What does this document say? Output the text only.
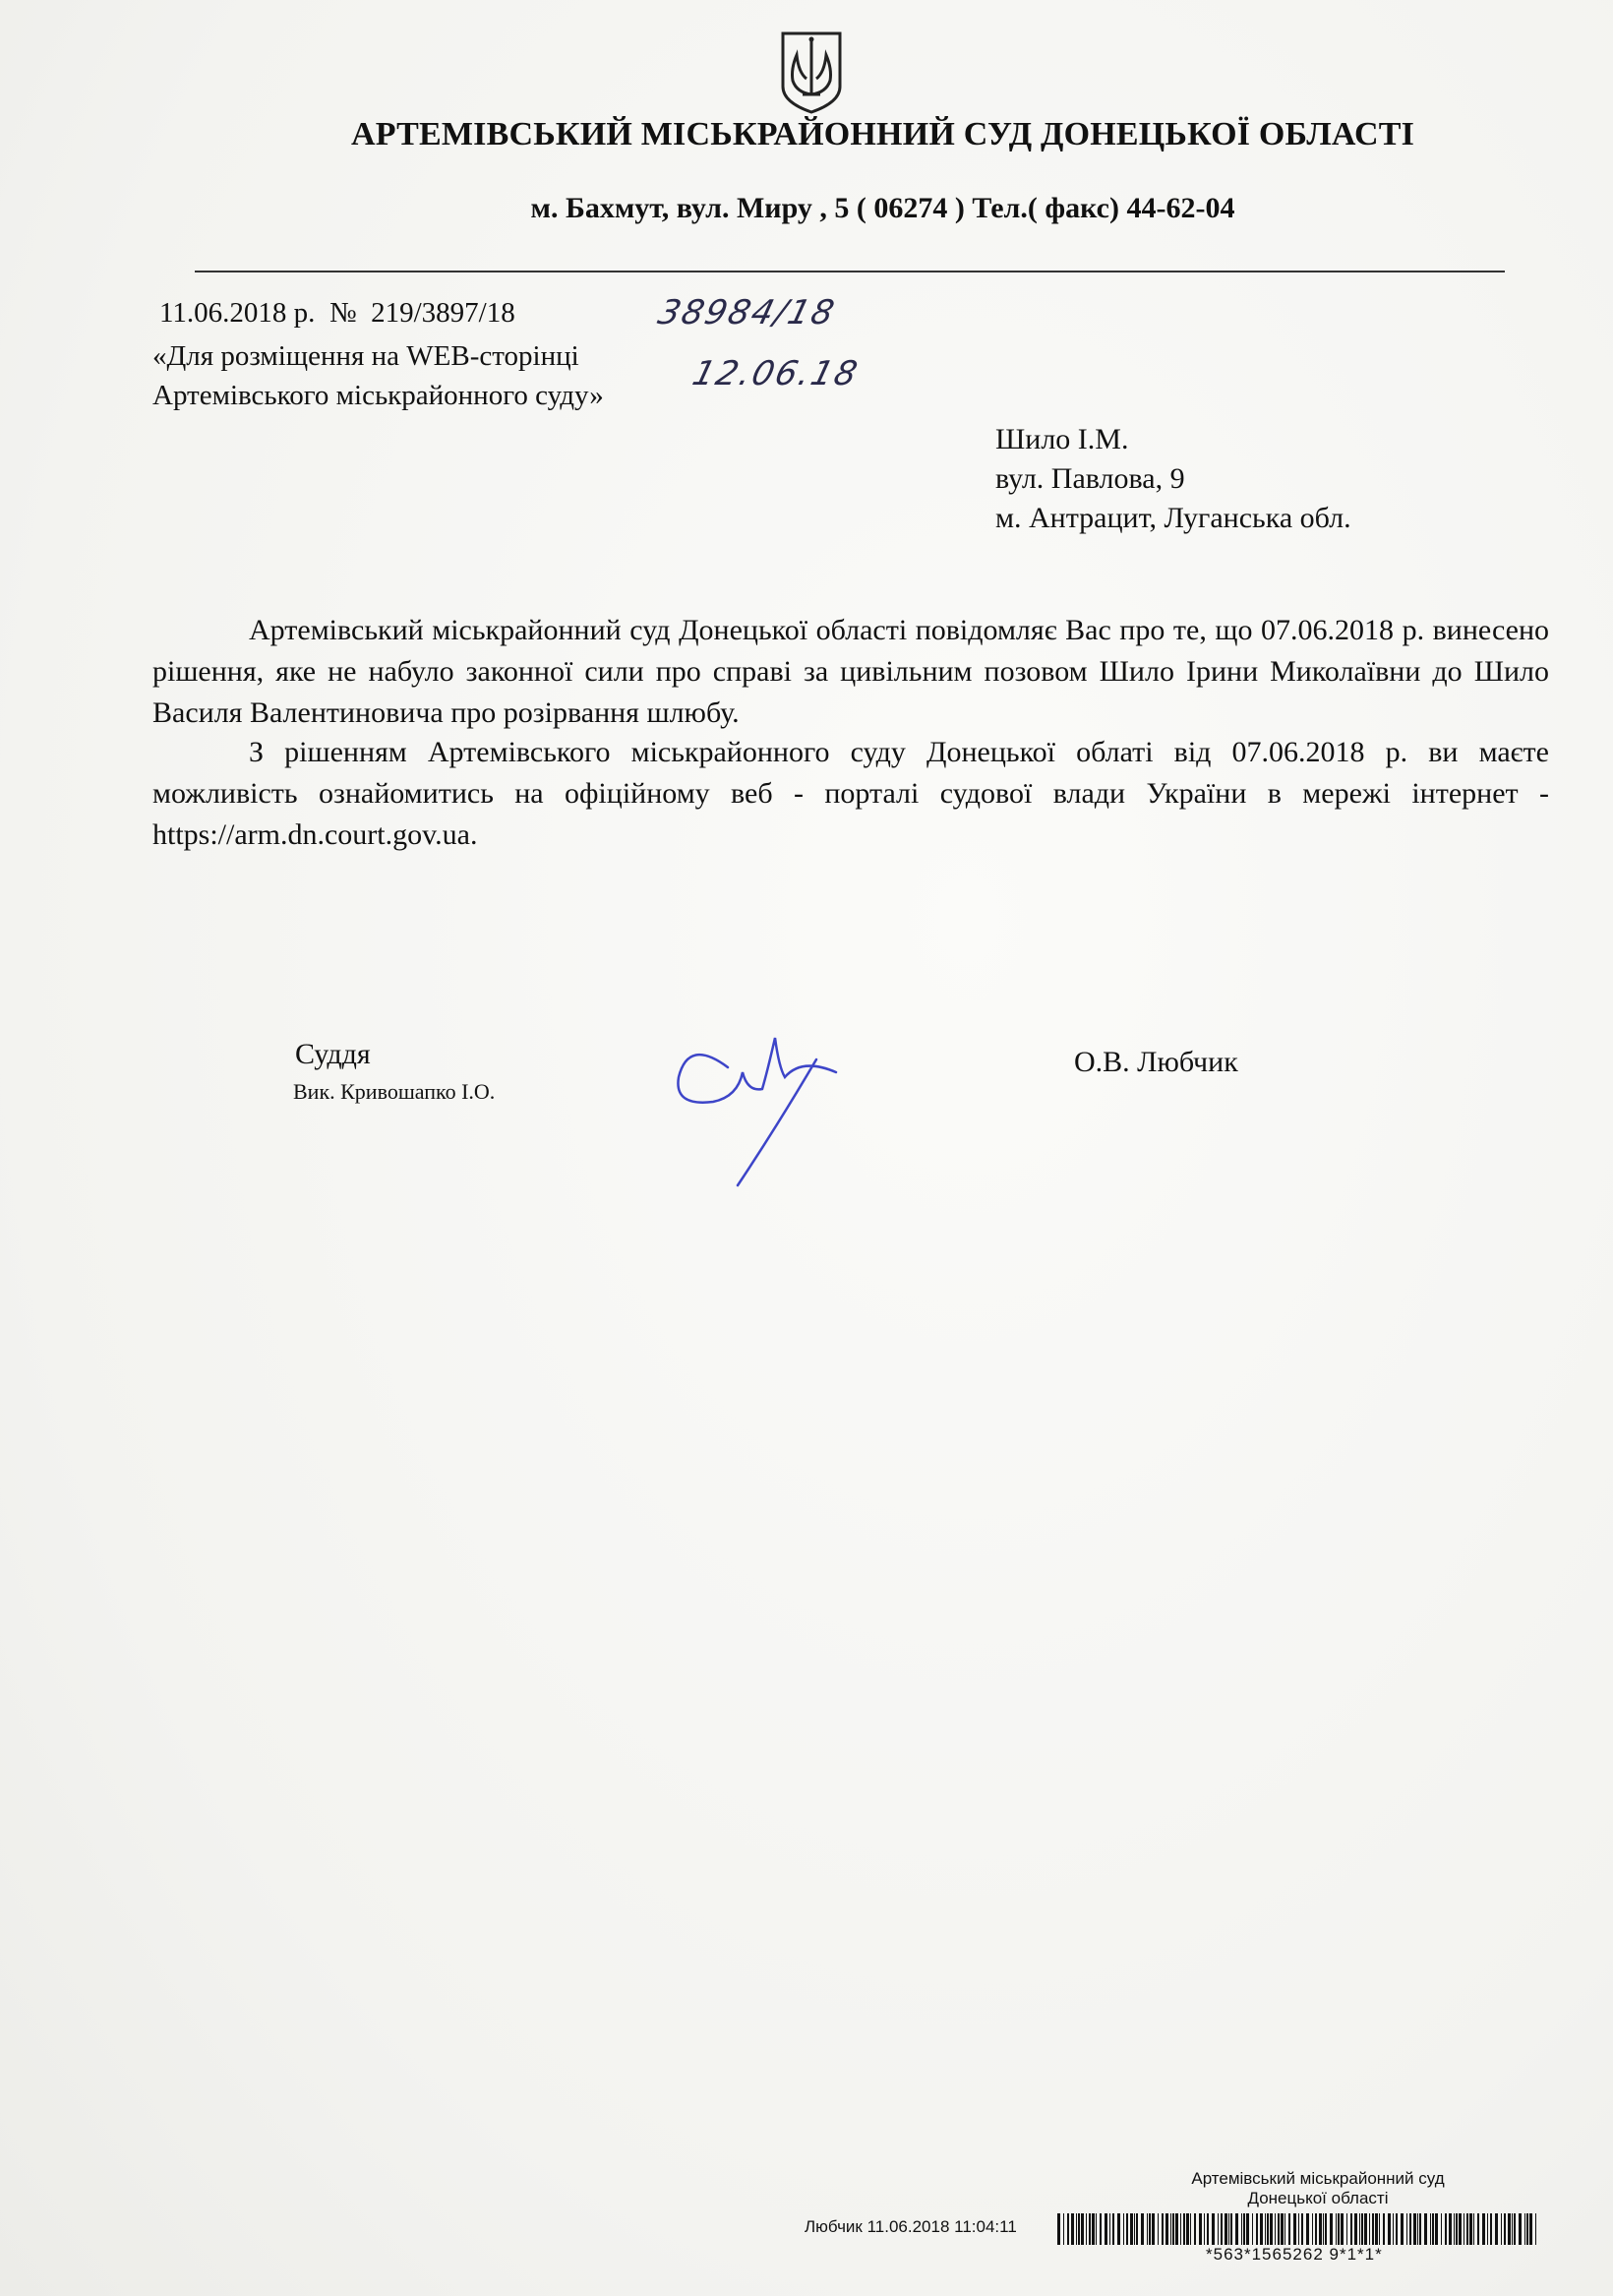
АРТЕМІВСЬКИЙ МІСЬКРАЙОННИЙ СУД ДОНЕЦЬКОЇ ОБЛАСТІ
м. Бахмут, вул. Миру , 5 ( 06274 ) Тел.( факс) 44-62-04
11.06.2018 р. № 219/3897/18
«Для розміщення на WEB-сторінці
Артемівського міськрайонного суду»
38984/18
12.06.18
Шило І.М.
вул. Павлова, 9
м. Антрацит, Луганська обл.
Артемівський міськрайонний суд Донецької області повідомляє Вас про те, що 07.06.2018 р. винесено рішення, яке не набуло законної сили про справі за цивільним позовом Шило Ірини Миколаївни до Шило Василя Валентиновича про розірвання шлюбу.
З рішенням Артемівського міськрайонного суду Донецької облаті від 07.06.2018 р. ви маєте можливість ознайомитись на офіційному веб - порталі судової влади України в мережі інтернет - https://arm.dn.court.gov.ua.
Суддя
Вик. Кривошапко І.О.
О.В. Любчик
Артемівський міськрайонний суд
Донецької області
Любчик 11.06.2018 11:04:11
*563*1565262 9*1*1*
